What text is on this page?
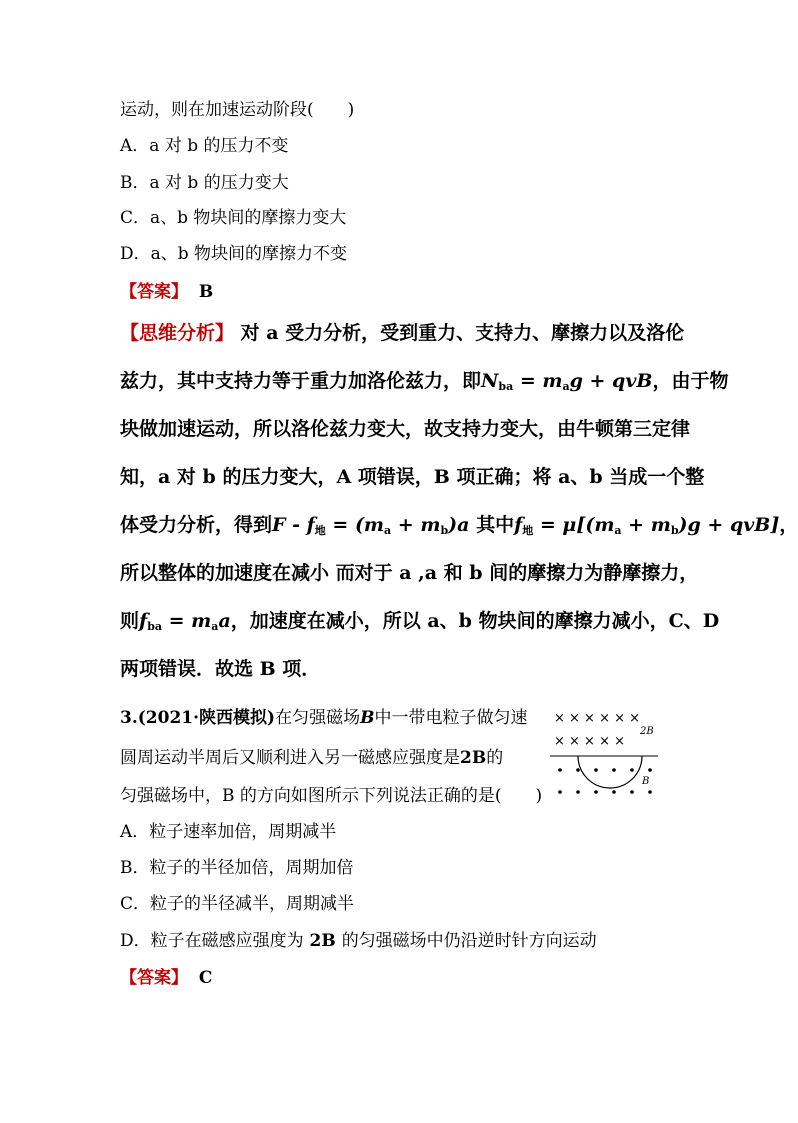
运动，则在加速运动阶段(　　)
A．a 对 b 的压力不变
B．a 对 b 的压力变大
C．a、b 物块间的摩擦力变大
D．a、b 物块间的摩擦力不变
【答案】 B
【思维分析】 对 a 受力分析，受到重力、支持力、摩擦力以及洛伦
兹力，其中支持力等于重力加洛伦兹力，即$N_{ba} = m_ag$ + qvB，由于物
块做加速运动，所以洛伦兹力变大，故支持力变大，由牛顿第三定律
知，a 对 b 的压力变大，A 项错误，B 项正确；将 a、b 当成一个整
体受力分析，得到$F - f_地 = (m_a + m_b)a$ 其中$f_地 = \mu[(m_a + m_b)g + qvB]$，
所以整体的加速度在减小 而对于 a ,a 和 b 间的摩擦力为静摩擦力，
则$f_{ba} = m_aa$，加速度在减小，所以 a、b 物块间的摩擦力减小，C、D
两项错误．故选 B 项．
3.(2021·陕西模拟)在匀强磁场B中一带电粒子做匀速
圆周运动半周后又顺利进入另一磁感应强度是2B的
匀强磁场中，B 的方向如图所示下列说法正确的是(　　)
A．粒子速率加倍，周期减半
B．粒子的半径加倍，周期加倍
C．粒子的半径减半，周期减半
D．粒子在磁感应强度为 2B 的匀强磁场中仍沿逆时针方向运动
【答案】 C
× × × × × ×
× × × × ×
2B
B
